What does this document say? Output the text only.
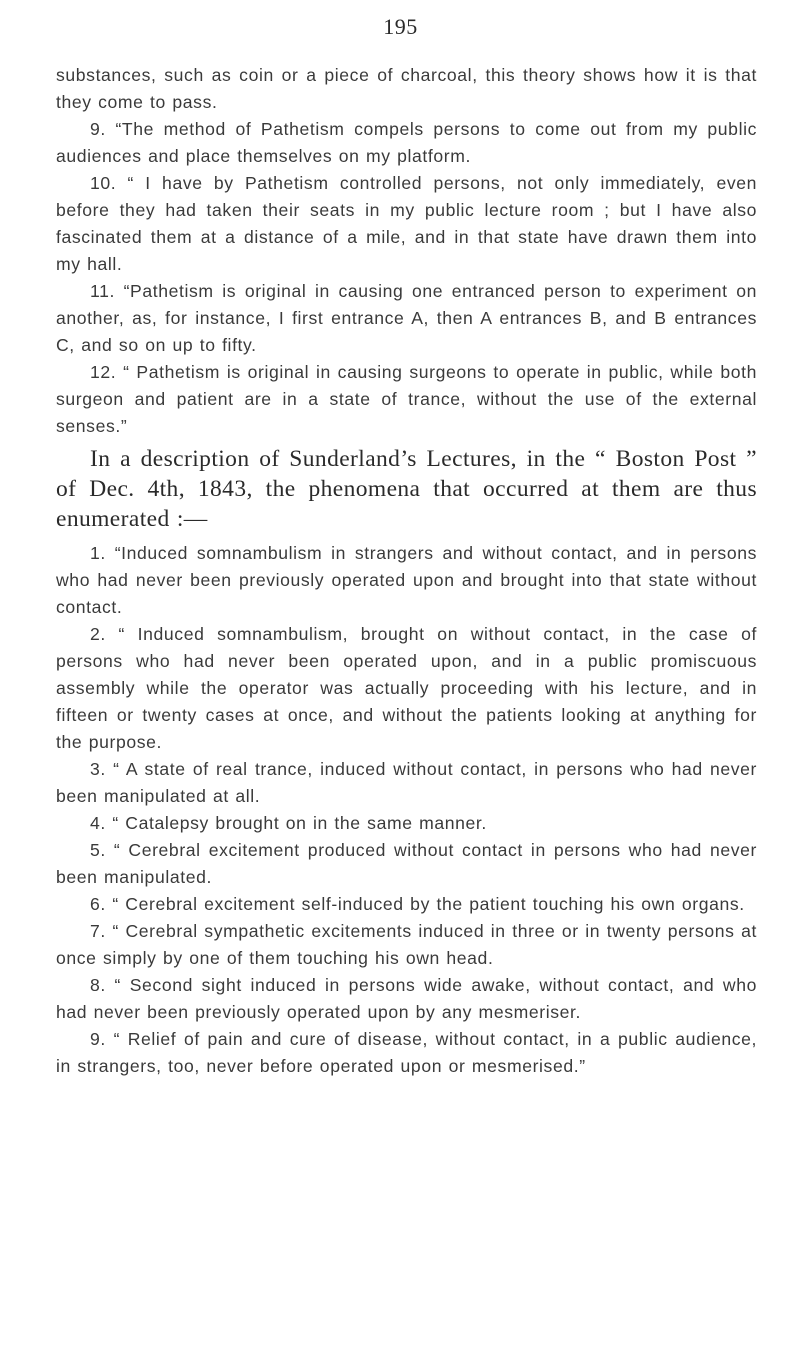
195

substances, such as coin or a piece of charcoal, this theory shows how it is that they come to pass.

9. “The method of Pathetism compels persons to come out from my public audiences and place themselves on my platform.

10. “ I have by Pathetism controlled persons, not only immediately, even before they had taken their seats in my public lecture room ; but I have also fascinated them at a distance of a mile, and in that state have drawn them into my hall.

11. “Pathetism is original in causing one entranced person to experiment on another, as, for instance, I first entrance A, then A entrances B, and B entrances C, and so on up to fifty.

12. “ Pathetism is original in causing surgeons to operate in public, while both surgeon and patient are in a state of trance, without the use of the external senses.”

In a description of Sunderland’s Lectures, in the “ Boston Post ” of Dec. 4th, 1843, the phenomena that occurred at them are thus enumerated :—

1. “Induced somnambulism in strangers and without contact, and in persons who had never been previously operated upon and brought into that state without contact.

2. “ Induced somnambulism, brought on without contact, in the case of persons who had never been operated upon, and in a public promiscuous assembly while the operator was actually proceeding with his lecture, and in fifteen or twenty cases at once, and without the patients looking at anything for the purpose.

3. “ A state of real trance, induced without contact, in persons who had never been manipulated at all.

4. “ Catalepsy brought on in the same manner.

5. “ Cerebral excitement produced without contact in persons who had never been manipulated.

6. “ Cerebral excitement self-induced by the patient touching his own organs.

7. “ Cerebral sympathetic excitements induced in three or in twenty persons at once simply by one of them touching his own head.

8. “ Second sight induced in persons wide awake, without contact, and who had never been previously operated upon by any mesmeriser.

9. “ Relief of pain and cure of disease, without contact, in a public audience, in strangers, too, never before operated upon or mesmerised.”
